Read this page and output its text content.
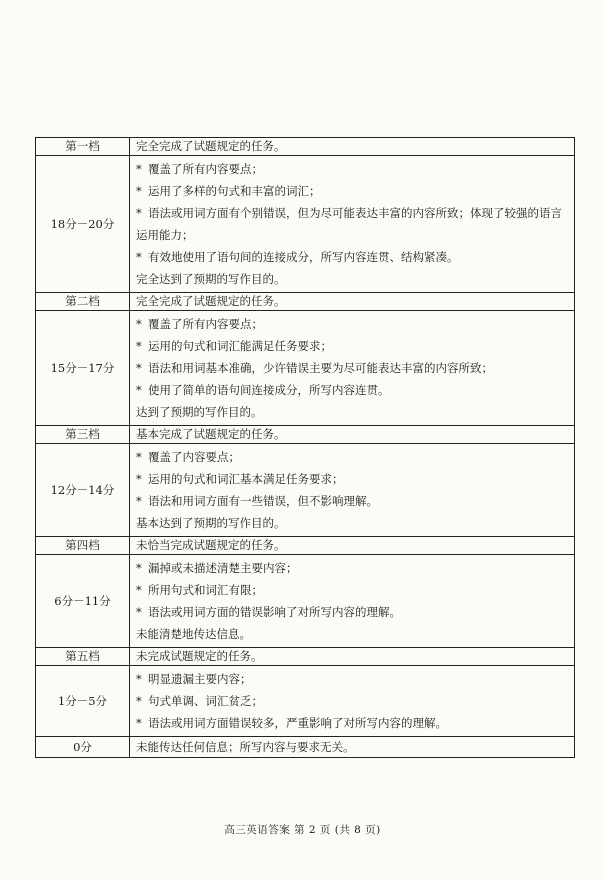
第一档	完全完成了试题规定的任务。
18分－20分	* 覆盖了所有内容要点；
* 运用了多样的句式和丰富的词汇；
* 语法或用词方面有个别错误，但为尽可能表达丰富的内容所致；体现了较强的语言运用能力；
* 有效地使用了语句间的连接成分，所写内容连贯、结构紧凑。
完全达到了预期的写作目的。

第二档	完全完成了试题规定的任务。
15分－17分	* 覆盖了所有内容要点；
* 运用的句式和词汇能满足任务要求；
* 语法和用词基本准确，少许错误主要为尽可能表达丰富的内容所致；
* 使用了简单的语句间连接成分，所写内容连贯。
达到了预期的写作目的。

第三档	基本完成了试题规定的任务。
12分－14分	* 覆盖了内容要点；
* 运用的句式和词汇基本满足任务要求；
* 语法和用词方面有一些错误，但不影响理解。
基本达到了预期的写作目的。

第四档	未恰当完成试题规定的任务。
6分－11分	* 漏掉或未描述清楚主要内容；
* 所用句式和词汇有限；
* 语法或用词方面的错误影响了对所写内容的理解。
未能清楚地传达信息。

第五档	未完成试题规定的任务。
1分－5分	* 明显遗漏主要内容；
* 句式单调、词汇贫乏；
* 语法或用词方面错误较多，严重影响了对所写内容的理解。

0分	未能传达任何信息；所写内容与要求无关。
高三英语答案 第 2 页 (共 8 页)
